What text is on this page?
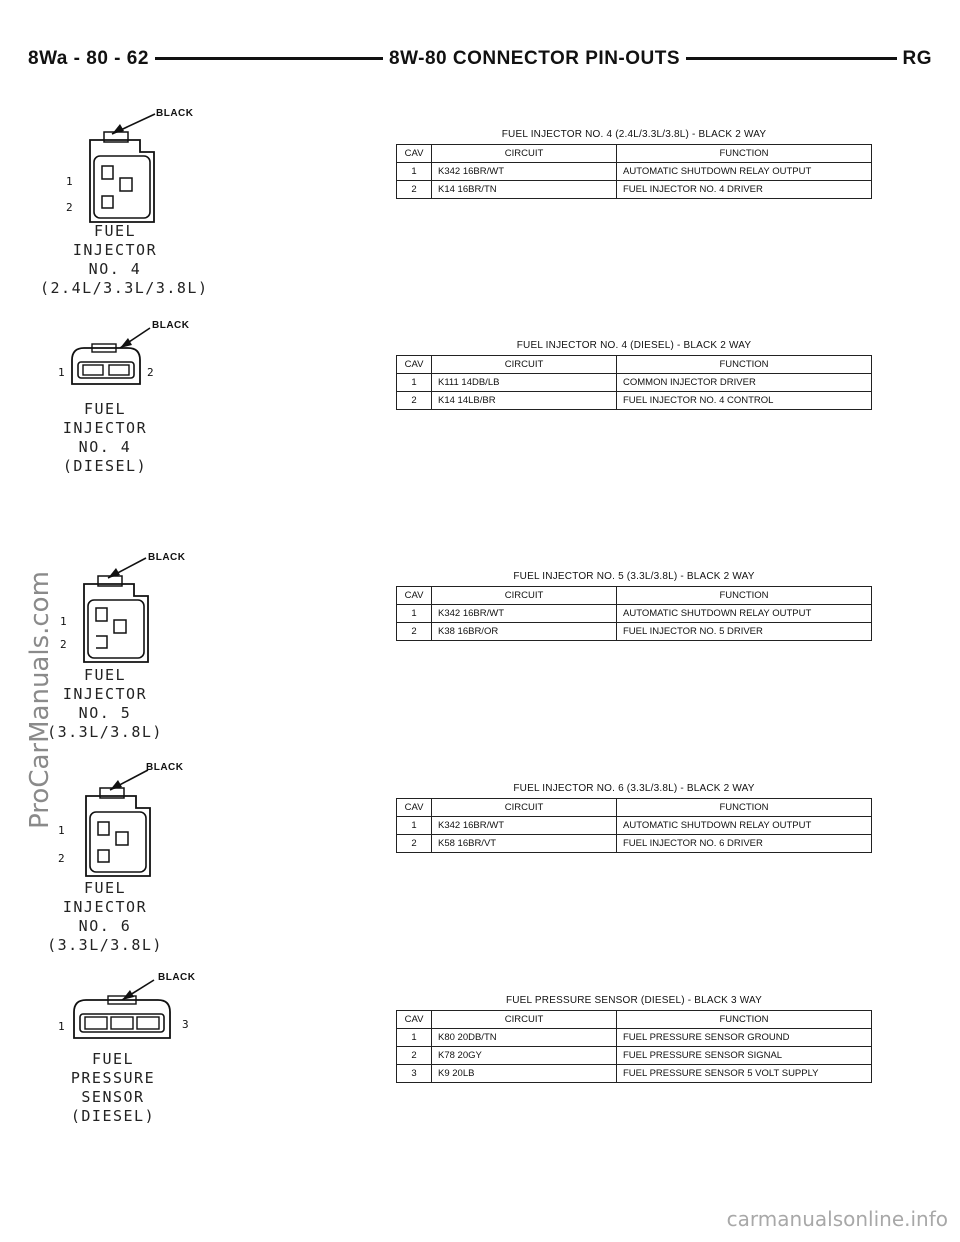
8Wa - 80 - 62	8W-80 CONNECTOR PIN-OUTS	RG
ProCarManuals.com
carmanualsonline.info
BLACK
1
2
FUEL
INJECTOR
NO. 4
(2.4L/3.3L/3.8L)
BLACK
1	2
FUEL
INJECTOR
NO. 4
(DIESEL)
BLACK
1
2
FUEL
INJECTOR
NO. 5
(3.3L/3.8L)
BLACK
1
2
FUEL
INJECTOR
NO. 6
(3.3L/3.8L)
BLACK
1	3
FUEL
PRESSURE
SENSOR
(DIESEL)
FUEL INJECTOR NO. 4 (2.4L/3.3L/3.8L) - BLACK 2 WAY
CAV	CIRCUIT	FUNCTION
1	K342 16BR/WT	AUTOMATIC SHUTDOWN RELAY OUTPUT
2	K14 16BR/TN	FUEL INJECTOR NO. 4 DRIVER
FUEL INJECTOR NO. 4 (DIESEL) - BLACK 2 WAY
CAV	CIRCUIT	FUNCTION
1	K111 14DB/LB	COMMON INJECTOR DRIVER
2	K14 14LB/BR	FUEL INJECTOR NO. 4 CONTROL
FUEL INJECTOR NO. 5 (3.3L/3.8L) - BLACK 2 WAY
CAV	CIRCUIT	FUNCTION
1	K342 16BR/WT	AUTOMATIC SHUTDOWN RELAY OUTPUT
2	K38 16BR/OR	FUEL INJECTOR NO. 5 DRIVER
FUEL INJECTOR NO. 6 (3.3L/3.8L) - BLACK 2 WAY
CAV	CIRCUIT	FUNCTION
1	K342 16BR/WT	AUTOMATIC SHUTDOWN RELAY OUTPUT
2	K58 16BR/VT	FUEL INJECTOR NO. 6 DRIVER
FUEL PRESSURE SENSOR (DIESEL) - BLACK 3 WAY
CAV	CIRCUIT	FUNCTION
1	K80 20DB/TN	FUEL PRESSURE SENSOR GROUND
2	K78 20GY	FUEL PRESSURE SENSOR SIGNAL
3	K9 20LB	FUEL PRESSURE SENSOR 5 VOLT SUPPLY
